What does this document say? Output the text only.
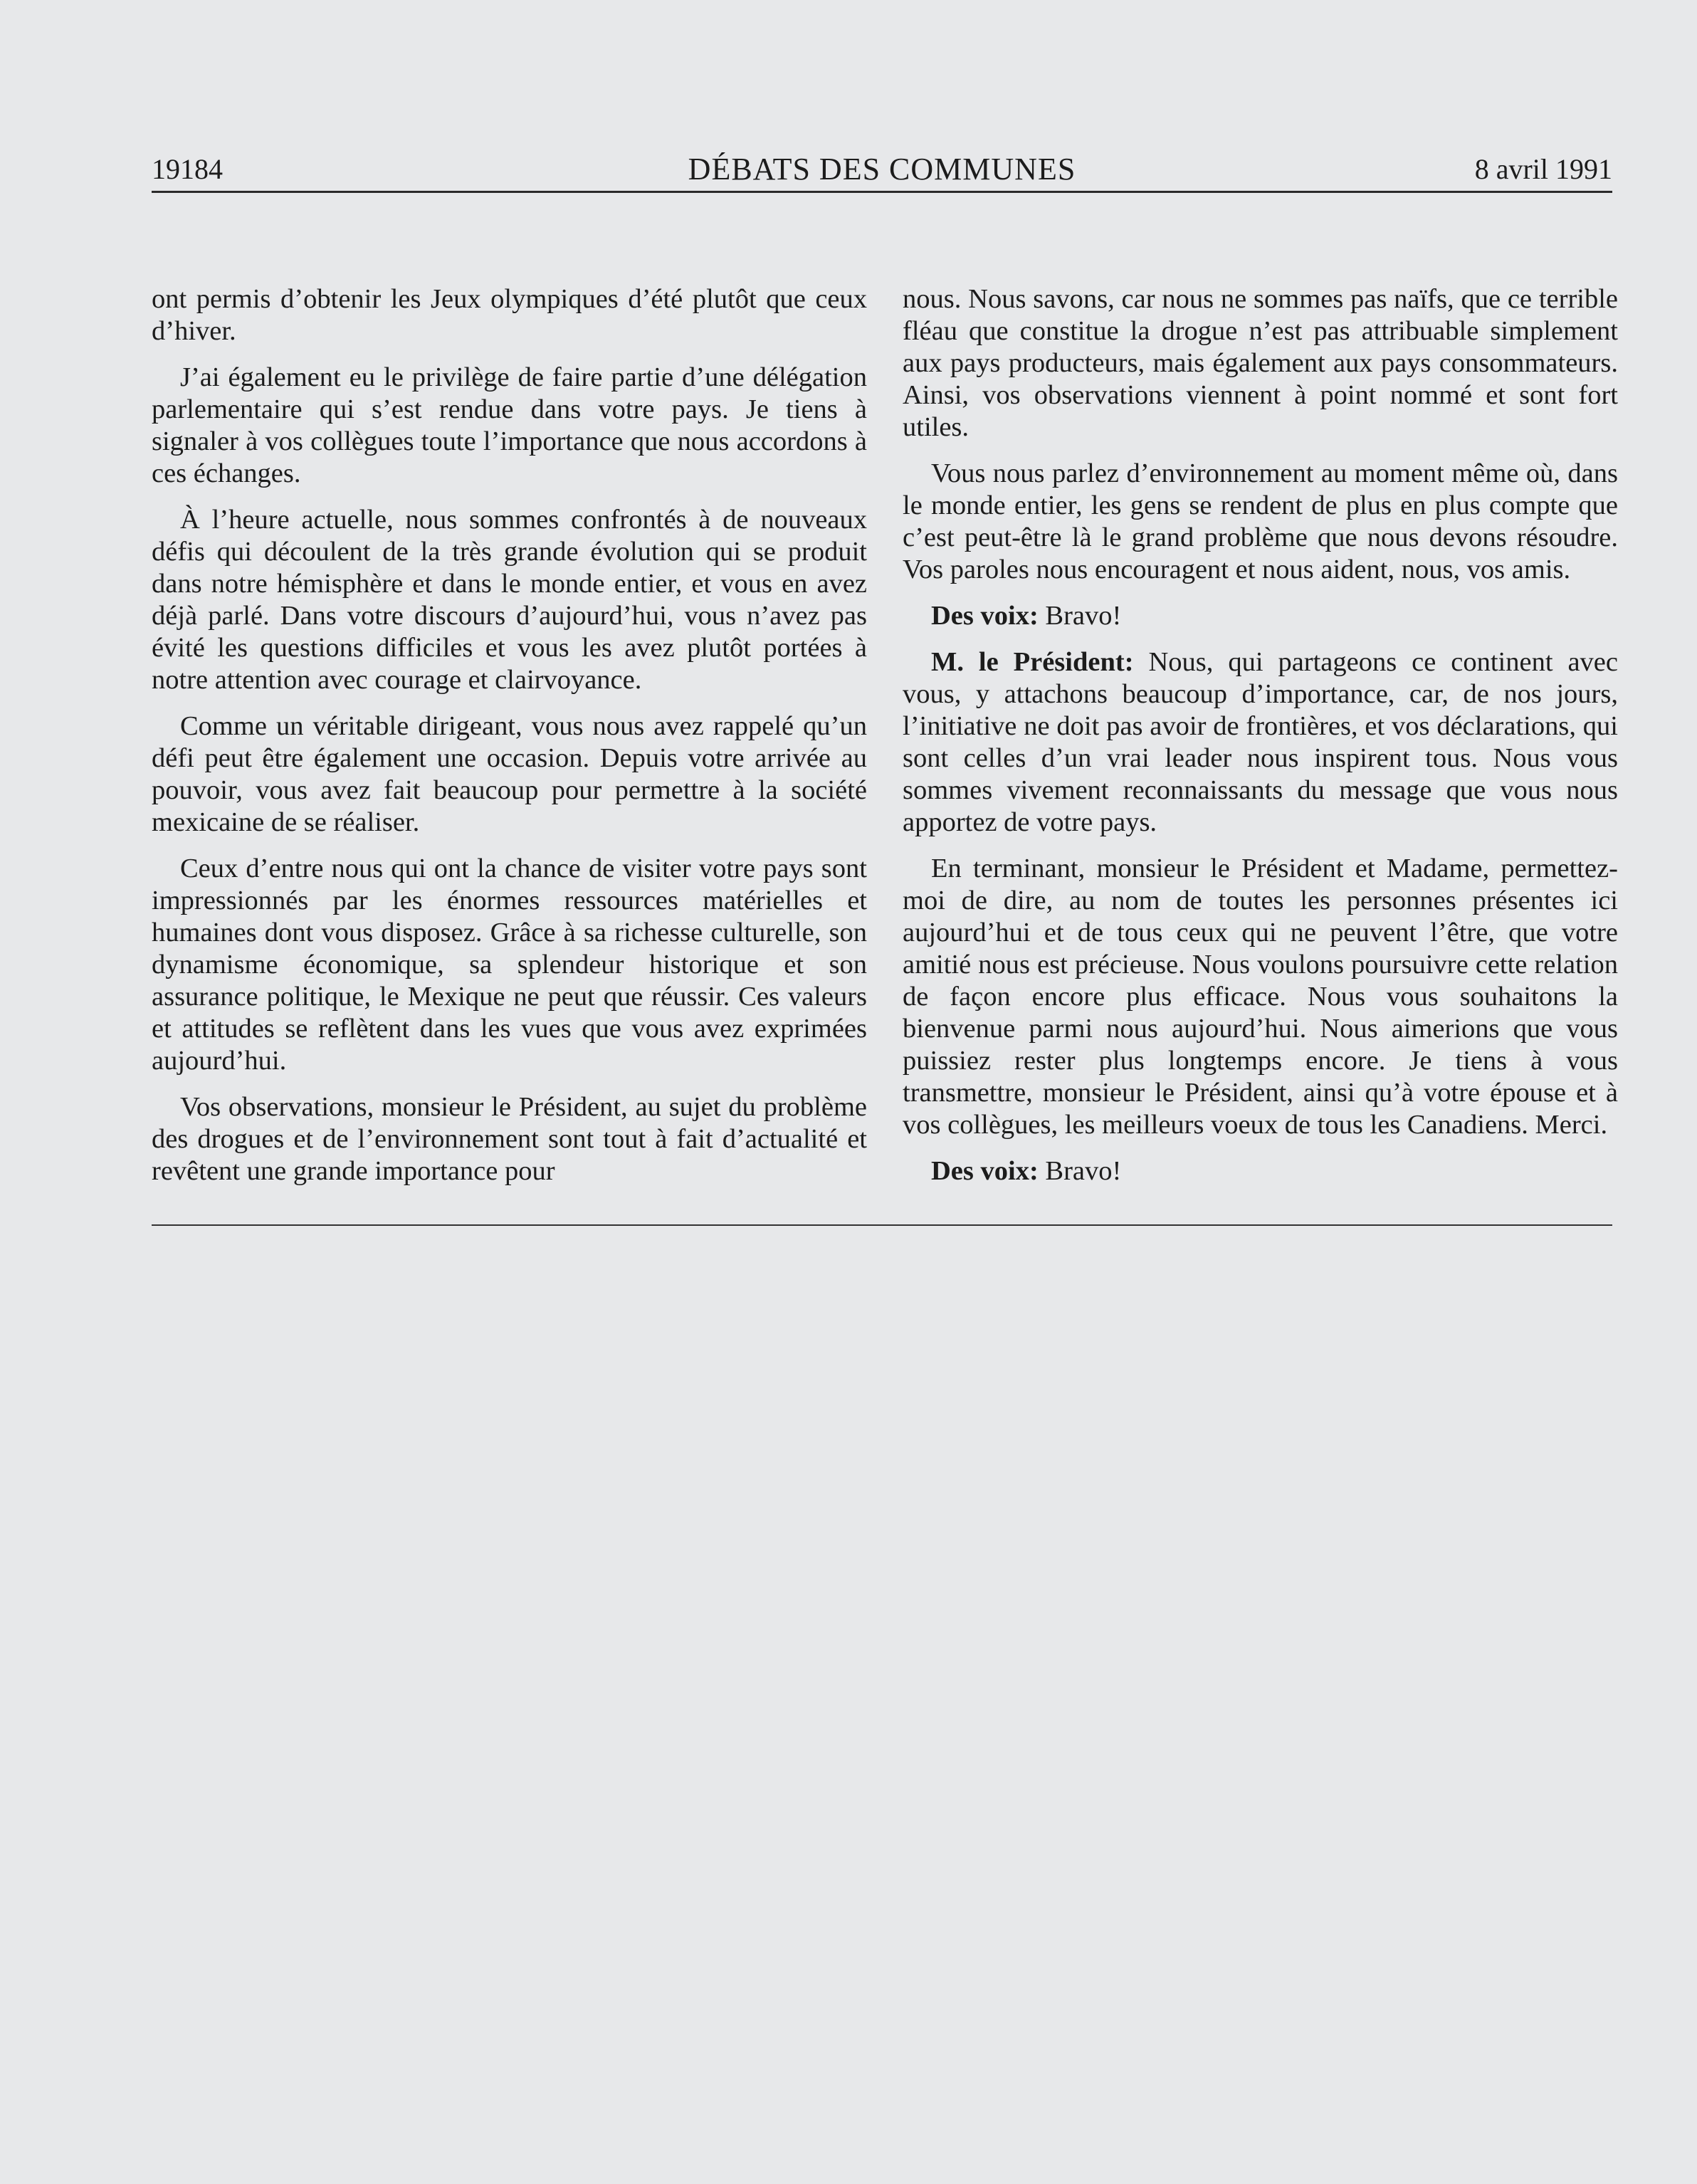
19184	DÉBATS DES COMMUNES	8 avril 1991

ont permis d’obtenir les Jeux olympiques d’été plutôt que ceux d’hiver.

J’ai également eu le privilège de faire partie d’une délégation parlementaire qui s’est rendue dans votre pays. Je tiens à signaler à vos collègues toute l’importance que nous accordons à ces échanges.

À l’heure actuelle, nous sommes confrontés à de nouveaux défis qui découlent de la très grande évolution qui se produit dans notre hémisphère et dans le monde entier, et vous en avez déjà parlé. Dans votre discours d’aujourd’hui, vous n’avez pas évité les questions difficiles et vous les avez plutôt portées à notre attention avec courage et clairvoyance.

Comme un véritable dirigeant, vous nous avez rappelé qu’un défi peut être également une occasion. Depuis votre arrivée au pouvoir, vous avez fait beaucoup pour permettre à la société mexicaine de se réaliser.

Ceux d’entre nous qui ont la chance de visiter votre pays sont impressionnés par les énormes ressources matérielles et humaines dont vous disposez. Grâce à sa richesse culturelle, son dynamisme économique, sa splendeur historique et son assurance politique, le Mexique ne peut que réussir. Ces valeurs et attitudes se reflètent dans les vues que vous avez exprimées aujourd’hui.

Vos observations, monsieur le Président, au sujet du problème des drogues et de l’environnement sont tout à fait d’actualité et revêtent une grande importance pour

nous. Nous savons, car nous ne sommes pas naïfs, que ce terrible fléau que constitue la drogue n’est pas attribuable simplement aux pays producteurs, mais également aux pays consommateurs. Ainsi, vos observations viennent à point nommé et sont fort utiles.

Vous nous parlez d’environnement au moment même où, dans le monde entier, les gens se rendent de plus en plus compte que c’est peut-être là le grand problème que nous devons résoudre. Vos paroles nous encouragent et nous aident, nous, vos amis.

Des voix: Bravo!

M. le Président: Nous, qui partageons ce continent avec vous, y attachons beaucoup d’importance, car, de nos jours, l’initiative ne doit pas avoir de frontières, et vos déclarations, qui sont celles d’un vrai leader nous inspirent tous. Nous vous sommes vivement reconnaissants du message que vous nous apportez de votre pays.

En terminant, monsieur le Président et Madame, permettez-moi de dire, au nom de toutes les personnes présentes ici aujourd’hui et de tous ceux qui ne peuvent l’être, que votre amitié nous est précieuse. Nous voulons poursuivre cette relation de façon encore plus efficace. Nous vous souhaitons la bienvenue parmi nous aujourd’hui. Nous aimerions que vous puissiez rester plus longtemps encore. Je tiens à vous transmettre, monsieur le Président, ainsi qu’à votre épouse et à vos collègues, les meilleurs voeux de tous les Canadiens. Merci.

Des voix: Bravo!
